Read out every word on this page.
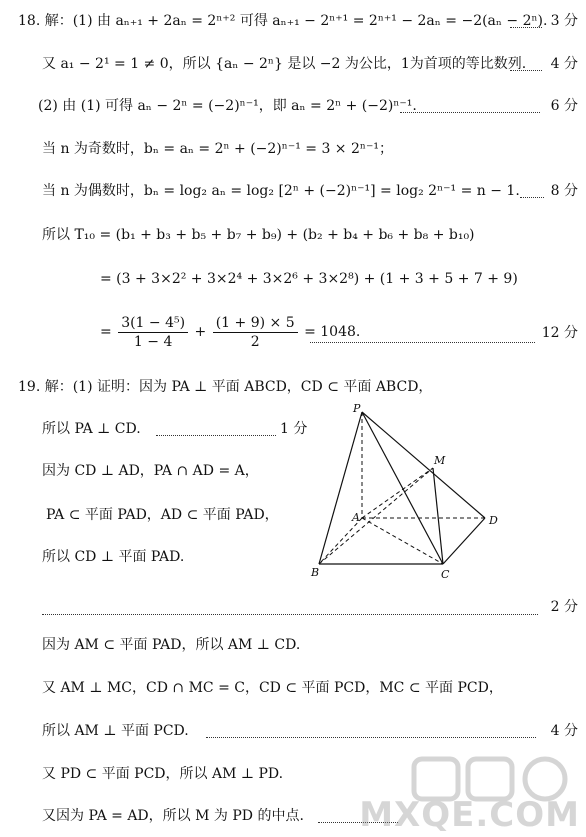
18. 解：(1) 由 aₙ₊₁ + 2aₙ = 2ⁿ⁺² 可得 aₙ₊₁ − 2ⁿ⁺¹ = 2ⁿ⁺¹ − 2aₙ = −2(aₙ − 2ⁿ). 3 分
又 a₁ − 2¹ = 1 ≠ 0，所以 {aₙ − 2ⁿ} 是以 −2 为公比，1为首项的等比数列. 4 分
(2) 由 (1) 可得 aₙ − 2ⁿ = (−2)ⁿ⁻¹，即 aₙ = 2ⁿ + (−2)ⁿ⁻¹.	6 分
当 n 为奇数时，bₙ = aₙ = 2ⁿ + (−2)ⁿ⁻¹ = 3 × 2ⁿ⁻¹；
当 n 为偶数时，bₙ = log₂ aₙ = log₂ [2ⁿ + (−2)ⁿ⁻¹] = log₂ 2ⁿ⁻¹ = n − 1. 8 分
所以 T₁₀ = (b₁ + b₃ + b₅ + b₇ + b₉) + (b₂ + b₄ + b₆ + b₈ + b₁₀)
= (3 + 3×2² + 3×2⁴ + 3×2⁶ + 3×2⁸) + (1 + 3 + 5 + 7 + 9)
= $\frac{\text{3(1 − 4⁵)}}{1 - 4} + \frac{(1 + 9) \times 5}{2} = 1048$.	12 分
19. 解：(1) 证明：因为 PA ⊥ 平面 ABCD，CD ⊂ 平面 ABCD，
所以 PA ⊥ CD.	1 分
因为 CD ⊥ AD，PA ∩ AD = A，
PA ⊂ 平面 PAD，AD ⊂ 平面 PAD，
所以 CD ⊥ 平面 PAD.
2 分
因为 AM ⊂ 平面 PAD，所以 AM ⊥ CD.
又 AM ⊥ MC，CD ∩ MC = C，CD ⊂ 平面 PCD，MC ⊂ 平面 PCD，
所以 AM ⊥ 平面 PCD.	4 分
又 PD ⊂ 平面 PCD，所以 AM ⊥ PD.
又因为 PA = AD，所以 M 为 PD 的中点.
P
M
A	D
B	C
MXQE.COM
